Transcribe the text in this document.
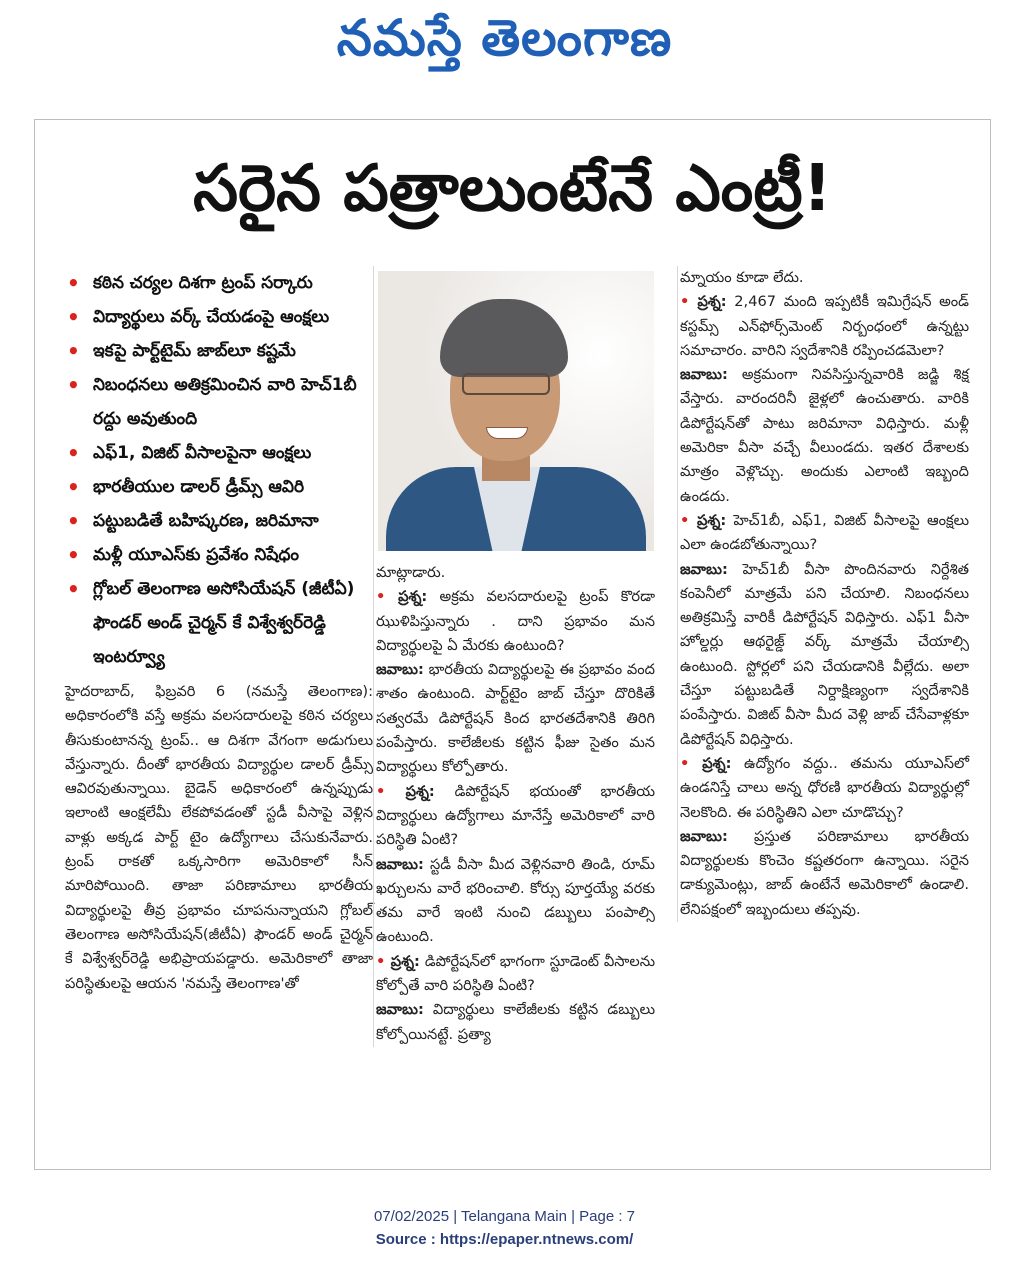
నమస్తే తెలంగాణ
సరైన పత్రాలుంటేనే ఎంట్రీ!
• కఠిన చర్యల దిశగా ట్రంప్ సర్కారు
• విద్యార్థులు వర్క్ చేయడంపై ఆంక్షలు
• ఇకపై పార్ట్‌టైమ్ జాబ్‌లూ కష్టమే
• నిబంధనలు అతిక్రమించిన వారి హెచ్1బీ రద్దు అవుతుంది
• ఎఫ్1, విజిట్ వీసాలపైనా ఆంక్షలు
• భారతీయుల డాలర్ డ్రీమ్స్ ఆవిరి
• పట్టుబడితే బహిష్కరణ, జరిమానా
• మళ్లీ యూఎస్‌కు ప్రవేశం నిషేధం
• గ్లోబల్ తెలంగాణ అసోసియేషన్ (జీటీఏ) ఫౌండర్ అండ్ చైర్మన్ కే విశ్వేశ్వర్‌రెడ్డి ఇంటర్వ్యూ

హైదరాబాద్, ఫిబ్రవరి 6 (నమస్తే తెలంగాణ): అధికారంలోకి వస్తే అక్రమ వలసదారులపై కఠిన చర్యలు తీసుకుంటానన్న ట్రంప్.. ఆ దిశగా వేగంగా అడుగులు వేస్తున్నారు. దీంతో భారతీయ విద్యార్థుల డాలర్ డ్రీమ్స్ ఆవిరవుతున్నాయి. బైడెన్ అధికారంలో ఉన్నప్పుడు ఇలాంటి ఆంక్షలేమీ లేకపోవడంతో స్టడీ వీసాపై వెళ్లిన వాళ్లు అక్కడ పార్ట్ టైం ఉద్యోగాలు చేసుకునేవారు. ట్రంప్ రాకతో ఒక్కసారిగా అమెరికాలో సీన్ మారిపోయింది. తాజా పరిణామాలు భారతీయ విద్యార్థులపై తీవ్ర ప్రభావం చూపనున్నాయని గ్లోబల్ తెలంగాణ అసోసియేషన్(జీటీఏ) ఫౌండర్ అండ్ చైర్మన్ కే విశ్వేశ్వర్‌రెడ్డి అభిప్రాయపడ్డారు. అమెరికాలో తాజా పరిస్థితులపై ఆయన 'నమస్తే తెలంగాణ'తో

మాట్లాడారు.

• ప్రశ్న: అక్రమ వలసదారులపై ట్రంప్ కొరడా ఝుళిపిస్తున్నారు . దాని ప్రభావం మన విద్యార్థులపై ఏ మేరకు ఉంటుంది?

జవాబు: భారతీయ విద్యార్థులపై ఈ ప్రభావం వంద శాతం ఉంటుంది. పార్ట్‌టైం జాబ్ చేస్తూ దొరికితే సత్వరమే డిపోర్టేషన్ కింద భారతదేశానికి తిరిగి పంపేస్తారు. కాలేజీలకు కట్టిన ఫీజు సైతం మన విద్యార్థులు కోల్పోతారు.

• ప్రశ్న: డిపోర్టేషన్ భయంతో భారతీయ విద్యార్థులు ఉద్యోగాలు మానేస్తే అమెరికాలో వారి పరిస్థితి ఏంటి?

జవాబు: స్టడీ వీసా మీద వెళ్లినవారి తిండి, రూమ్ ఖర్చులను వారే భరించాలి. కోర్సు పూర్తయ్యే వరకు తమ వారే ఇంటి నుంచి డబ్బులు పంపాల్సి ఉంటుంది.

• ప్రశ్న: డిపోర్టేషన్‌లో భాగంగా స్టూడెంట్ వీసాలను కోల్పోతే వారి పరిస్థితి ఏంటి?

జవాబు: విద్యార్థులు కాలేజీలకు కట్టిన డబ్బులు కోల్పోయినట్టే. ప్రత్యా

మ్నాయం కూడా లేదు.

• ప్రశ్న: 2,467 మంది ఇప్పటికీ ఇమిగ్రేషన్ అండ్ కస్టమ్స్ ఎన్‌ఫోర్స్‌మెంట్ నిర్బంధంలో ఉన్నట్టు సమాచారం. వారిని స్వదేశానికి రప్పించడమెలా?

జవాబు: అక్రమంగా నివసిస్తున్నవారికి జడ్జి శిక్ష వేస్తారు. వారందరినీ జైళ్లలో ఉంచుతారు. వారికి డిపోర్టేషన్‌తో పాటు జరిమానా విధిస్తారు. మళ్లీ అమెరికా వీసా వచ్చే వీలుండదు. ఇతర దేశాలకు మాత్రం వెళ్లొచ్చు. అందుకు ఎలాంటి ఇబ్బంది ఉండదు.

• ప్రశ్న: హెచ్1బీ, ఎఫ్1, విజిట్ వీసాలపై ఆంక్షలు ఎలా ఉండబోతున్నాయి?

జవాబు: హెచ్1బీ వీసా పొందినవారు నిర్దేశిత కంపెనీలో మాత్రమే పని చేయాలి. నిబంధనలు అతిక్రమిస్తే వారికీ డిపోర్టేషన్ విధిస్తారు. ఎఫ్1 వీసా హోల్డర్లు ఆథరైజ్డ్ వర్క్ మాత్రమే చేయాల్సి ఉంటుంది. స్టోర్లలో పని చేయడానికి వీల్లేదు. అలా చేస్తూ పట్టుబడితే నిర్దాక్షిణ్యంగా స్వదేశానికి పంపేస్తారు. విజిట్ వీసా మీద వెళ్లి జాబ్ చేసేవాళ్లకూ డిపోర్టేషన్ విధిస్తారు.

• ప్రశ్న: ఉద్యోగం వద్దు.. తమను యూఎస్‌లో ఉండనిస్తే చాలు అన్న ధోరణి భారతీయ విద్యార్థుల్లో నెలకొంది. ఈ పరిస్థితిని ఎలా చూడొచ్చు?

జవాబు: ప్రస్తుత పరిణామాలు భారతీయ విద్యార్థులకు కొంచెం కష్టతరంగా ఉన్నాయి. సరైన డాక్యుమెంట్లు, జాబ్ ఉంటేనే అమెరికాలో ఉండాలి. లేనిపక్షంలో ఇబ్బందులు తప్పవు.

07/02/2025 | Telangana Main | Page : 7
Source : https://epaper.ntnews.com/
